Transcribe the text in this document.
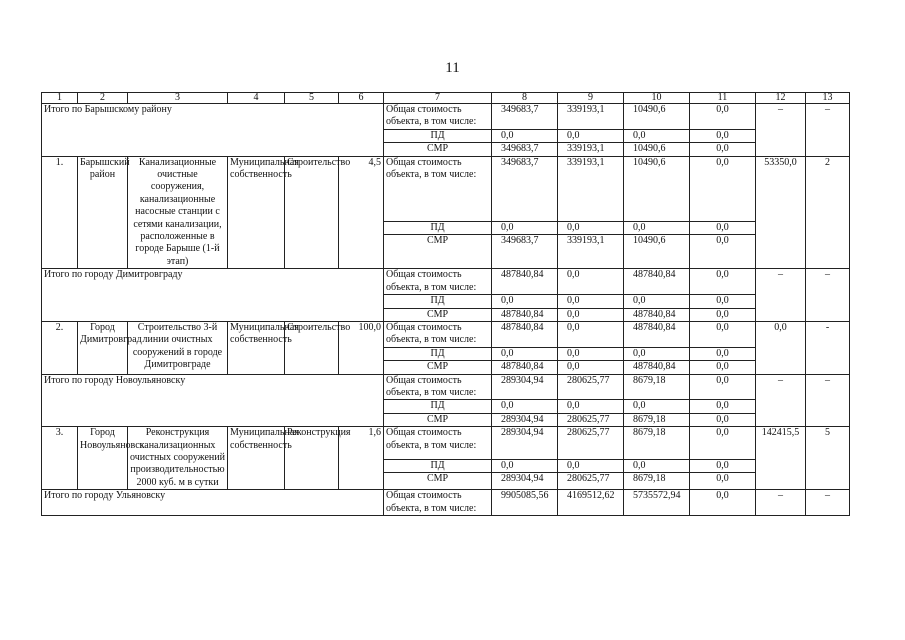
11
1	2	3	4	5	6	7	8	9	10	11	12	13
Итого по Барышскому району						Общая стоимость объекта, в том числе:	349683,7	339193,1	10490,6	0,0	–	–
						ПД	0,0	0,0	0,0	0,0		
						СМР	349683,7	339193,1	10490,6	0,0		
1.	Барышский район	Канализационные очистные сооружения, канализационные насосные станции с сетями канализации, расположенные в городе Барыше (1-й этап)	Муниципальная собственность	Строительство	4,5	Общая стоимость объекта, в том числе:	349683,7	339193,1	10490,6	0,0	53350,0	2
						ПД	0,0	0,0	0,0	0,0		
						СМР	349683,7	339193,1	10490,6	0,0		
Итого по городу Димитровграду						Общая стоимость объекта, в том числе:	487840,84	0,0	487840,84	0,0	–	–
						ПД	0,0	0,0	0,0	0,0		
						СМР	487840,84	0,0	487840,84	0,0		
2.	Город Димитровград	Строительство 3-й линии очистных сооружений в городе Димитровграде	Муниципальная собственность	Строительство	100,0	Общая стоимость объекта, в том числе:	487840,84	0,0	487840,84	0,0	0,0	-
						ПД	0,0	0,0	0,0	0,0		
						СМР	487840,84	0,0	487840,84	0,0		
Итого по городу Новоульяновску						Общая стоимость объекта, в том числе:	289304,94	280625,77	8679,18	0,0	–	–
						ПД	0,0	0,0	0,0	0,0		
						СМР	289304,94	280625,77	8679,18	0,0		
3.	Город Новоульяновск	Реконструкция канализационных очистных сооружений производительностью 2000 куб. м в сутки	Муниципальная собственность	Реконструкция	1,6	Общая стоимость объекта, в том числе:	289304,94	280625,77	8679,18	0,0	142415,5	5
						ПД	0,0	0,0	0,0	0,0		
						СМР	289304,94	280625,77	8679,18	0,0		
Итого по городу Ульяновску						Общая стоимость объекта, в том числе:	9905085,56	4169512,62	5735572,94	0,0	–	–
